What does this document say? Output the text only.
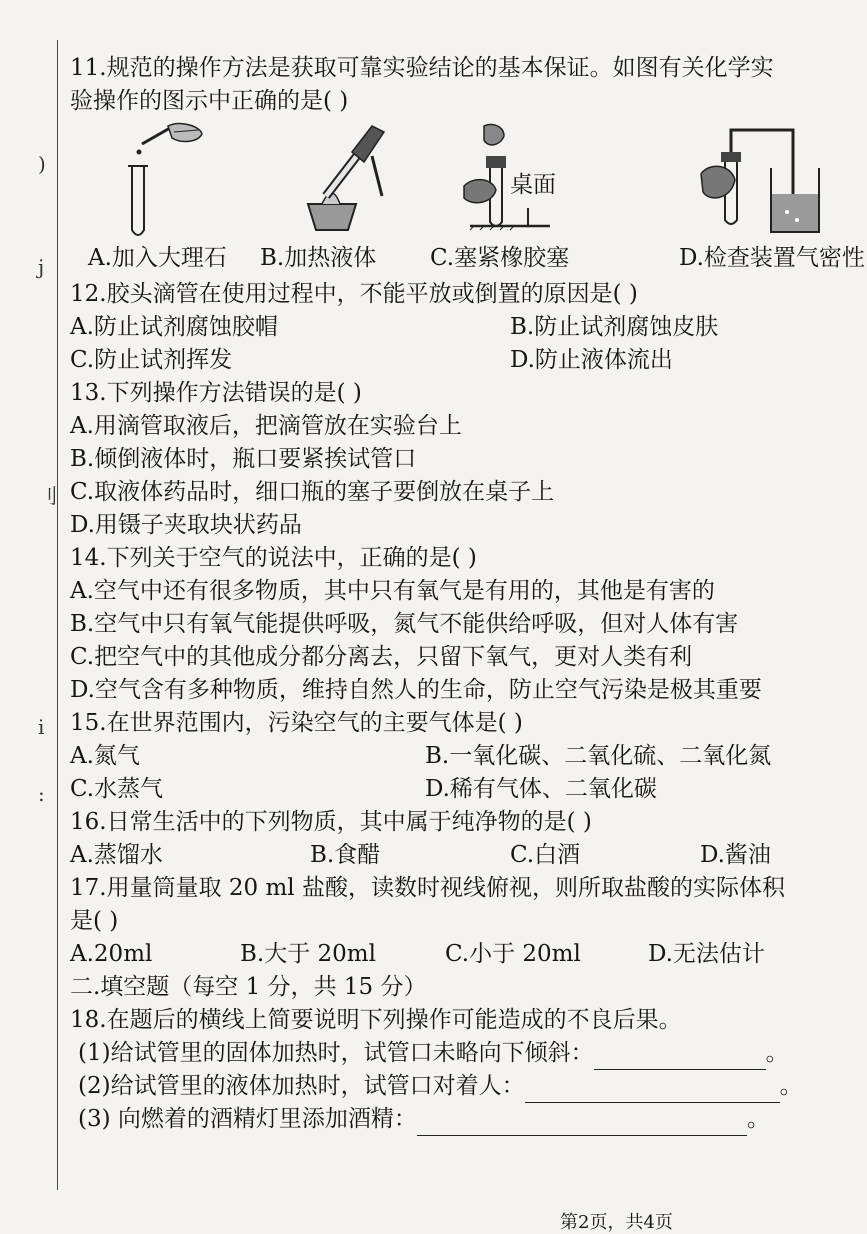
)
j
刂
i
:
11.规范的操作方法是获取可靠实验结论的基本保证。如图有关化学实
验操作的图示中正确的是( )
A.加入大理石 B.加热液体
桌面
C.塞紧橡胶塞	D.检查装置气密性
12.胶头滴管在使用过程中，不能平放或倒置的原因是( )
A.防止试剂腐蚀胶帽	B.防止试剂腐蚀皮肤
C.防止试剂挥发	D.防止液体流出
13.下列操作方法错误的是( )
A.用滴管取液后，把滴管放在实验台上
B.倾倒液体时，瓶口要紧挨试管口
C.取液体药品时，细口瓶的塞子要倒放在桌子上
D.用镊子夹取块状药品
14.下列关于空气的说法中，正确的是( )
A.空气中还有很多物质，其中只有氧气是有用的，其他是有害的
B.空气中只有氧气能提供呼吸，氮气不能供给呼吸，但对人体有害
C.把空气中的其他成分都分离去，只留下氧气，更对人类有利
D.空气含有多种物质，维持自然人的生命，防止空气污染是极其重要
15.在世界范围内，污染空气的主要气体是( )
A.氮气	B.一氧化碳、二氧化硫、二氧化氮
C.水蒸气	D.稀有气体、二氧化碳
16.日常生活中的下列物质，其中属于纯净物的是( )
A.蒸馏水	B.食醋	C.白酒	D.酱油
17.用量筒量取 20 ml 盐酸，读数时视线俯视，则所取盐酸的实际体积
是( )
A.20ml	B.大于 20ml	C.小于 20ml	D.无法估计
二.填空题（每空 1 分，共 15 分）
18.在题后的横线上简要说明下列操作可能造成的不良后果。
(1)给试管里的固体加热时，试管口未略向下倾斜：	。
(2)给试管里的液体加热时，试管口对着人：	。
(3) 向燃着的酒精灯里添加酒精：	。
第2页，共4页
